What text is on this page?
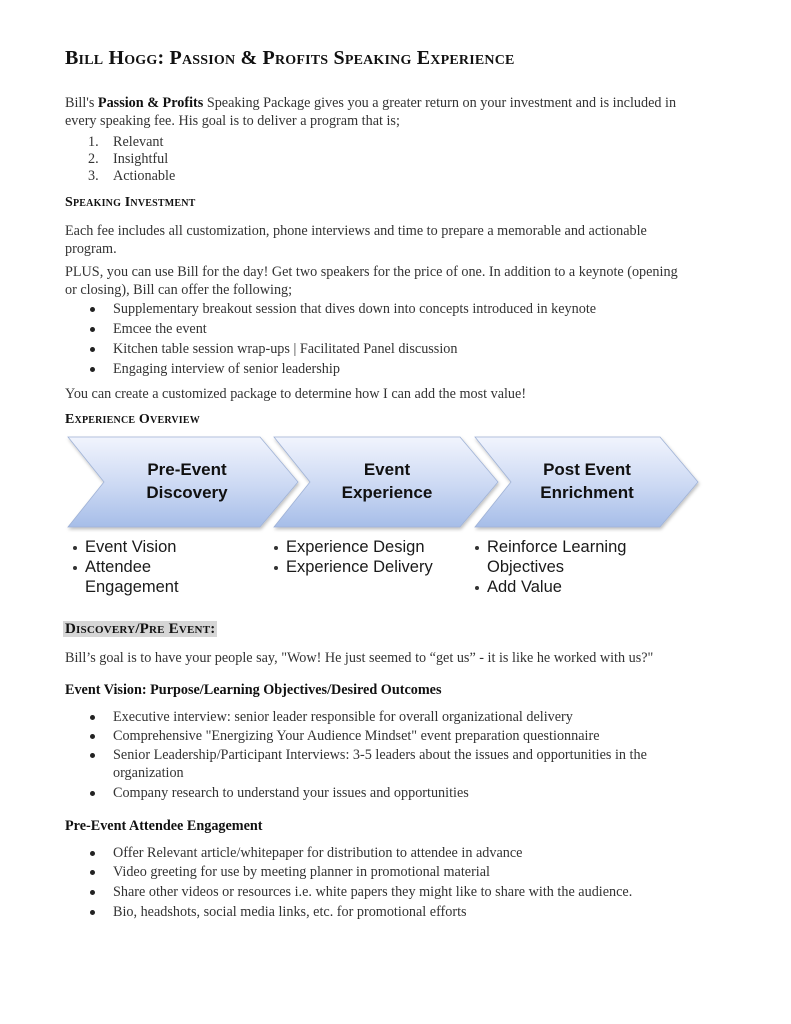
Bill Hogg: Passion & Profits Speaking Experience
Bill's Passion & Profits Speaking Package gives you a greater return on your investment and is included in
every speaking fee. His goal is to deliver a program that is;
1.	Relevant
2.	Insightful
3.	Actionable
Speaking Investment
Each fee includes all customization, phone interviews and time to prepare a memorable and actionable
program.
PLUS, you can use Bill for the day! Get two speakers for the price of one. In addition to a keynote (opening
or closing), Bill can offer the following;
Supplementary breakout session that dives down into concepts introduced in keynote
Emcee the event
Kitchen table session wrap-ups | Facilitated Panel discussion
Engaging interview of senior leadership
You can create a customized package to determine how I can add the most value!
Experience Overview
Pre-Event
Discovery
Event
Experience
Post Event
Enrichment
Event Vision
Attendee
Engagement
Experience Design
Experience Delivery
Reinforce Learning
Objectives
Add Value
Discovery/Pre Event:
Bill’s goal is to have your people say, "Wow! He just seemed to “get us” - it is like he worked with us?"
Event Vision: Purpose/Learning Objectives/Desired Outcomes
Executive interview: senior leader responsible for overall organizational delivery
Comprehensive "Energizing Your Audience Mindset" event preparation questionnaire
Senior Leadership/Participant Interviews: 3-5 leaders about the issues and opportunities in the
organization
Company research to understand your issues and opportunities
Pre-Event Attendee Engagement
Offer Relevant article/whitepaper for distribution to attendee in advance
Video greeting for use by meeting planner in promotional material
Share other videos or resources i.e. white papers they might like to share with the audience.
Bio, headshots, social media links, etc. for promotional efforts
